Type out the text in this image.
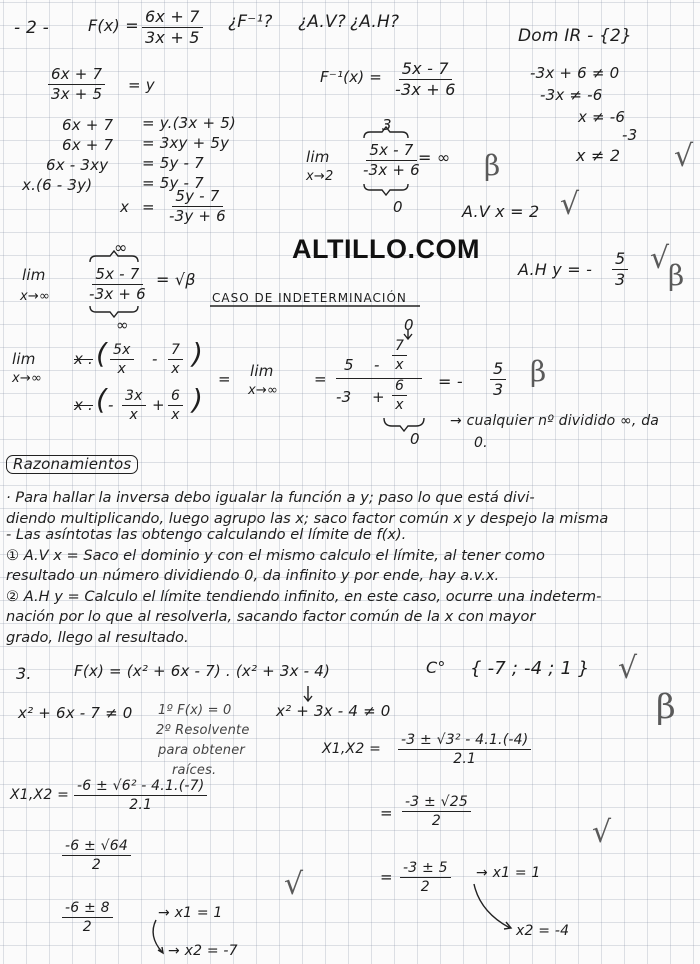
- $2 - F(x) = \frac{6x + 7}{3x + 5}$ ¿F⁻¹? ¿A.V? ¿A.H?
Dom IR - {2}
-3x + 6 ≠ 0
-3x ≠ -6
x ≠ -6
-3
x ≠ 2
$\frac{6x + 7}{3x + 5} = y$
6x + 7 = y.(3x + 5)
6x + 7 = 3xy + 5y
6x - 3xy = 5y - 7
x.(6 - 3y)	= 5y - 7
$x = \frac{5y - 7}{-3y + 6}$
$F^{-1}(x) = \frac{5x - 7}{-3x + 6}$
lim
x→2
3
$\frac{5x - 7}{-3x + 6}$
= ∞
0	A.V x = 2
ALTILLO.COM
A.H y = - $\frac{5}{3}$
lim
x→∞
∞
$\frac{5x - 7}{-3x + 6}$
∞
= √β
CASO DE INDETERMINACIÓN
lim
x→∞
x . ( $\frac{5x}{x} - \frac{7}{x}$ )
x . ( - $\frac{3x}{x} + \frac{6}{x}$ )
= lim
x→∞
=
0
$5 - \frac{7}{x}$
$-3 + \frac{6}{x}$
0
= - $\frac{5}{3}$
→ cualquier nº dividido ∞, da
0.
Razonamientos
· Para hallar la inversa debo igualar la función a y; paso lo que está divi-
diendo multiplicando, luego agrupo las x; saco factor común x y despejo la misma
- Las asíntotas las obtengo calculando el límite de f(x).
① A.V x = Saco el dominio y con el mismo calculo el límite, al tener como
resultado un número dividiendo 0, da infinito y por ende, hay a.v.x.
② A.H y = Calculo el límite tendiendo infinito, en este caso, ocurre una indeterm-
nación por lo que al resolverla, sacando factor común de la x con mayor
grado, llego al resultado.
3.	F(x) = (x² + 6x - 7) . (x² + 3x - 4)	C° { -7 ; -4 ; 1 }
x² + 6x - 7 ≠ 0 1º F(x) = 0
2º Resolvente
para obtener
raíces.
x² + 3x - 4 ≠ 0
$X1,X2 = \frac{\text{-6 ± √6² - 4.1.(-7)}}{2.1}$
$\frac{-6 \pm √64}{2}$
$\frac{-6 \pm 8}{2}$	→ x1 = 1
→ x2 = -7
$X1,X2 = \frac{\text{-3 ± √3² - 4.1.(-4)}}{2.1}$
= $\frac{-3 \pm √25}{2}$
= $\frac{-3 \pm 5}{2} \to x1 = 1$
x2 = -4
√
β
√
√
β
β
√
β
√
√
